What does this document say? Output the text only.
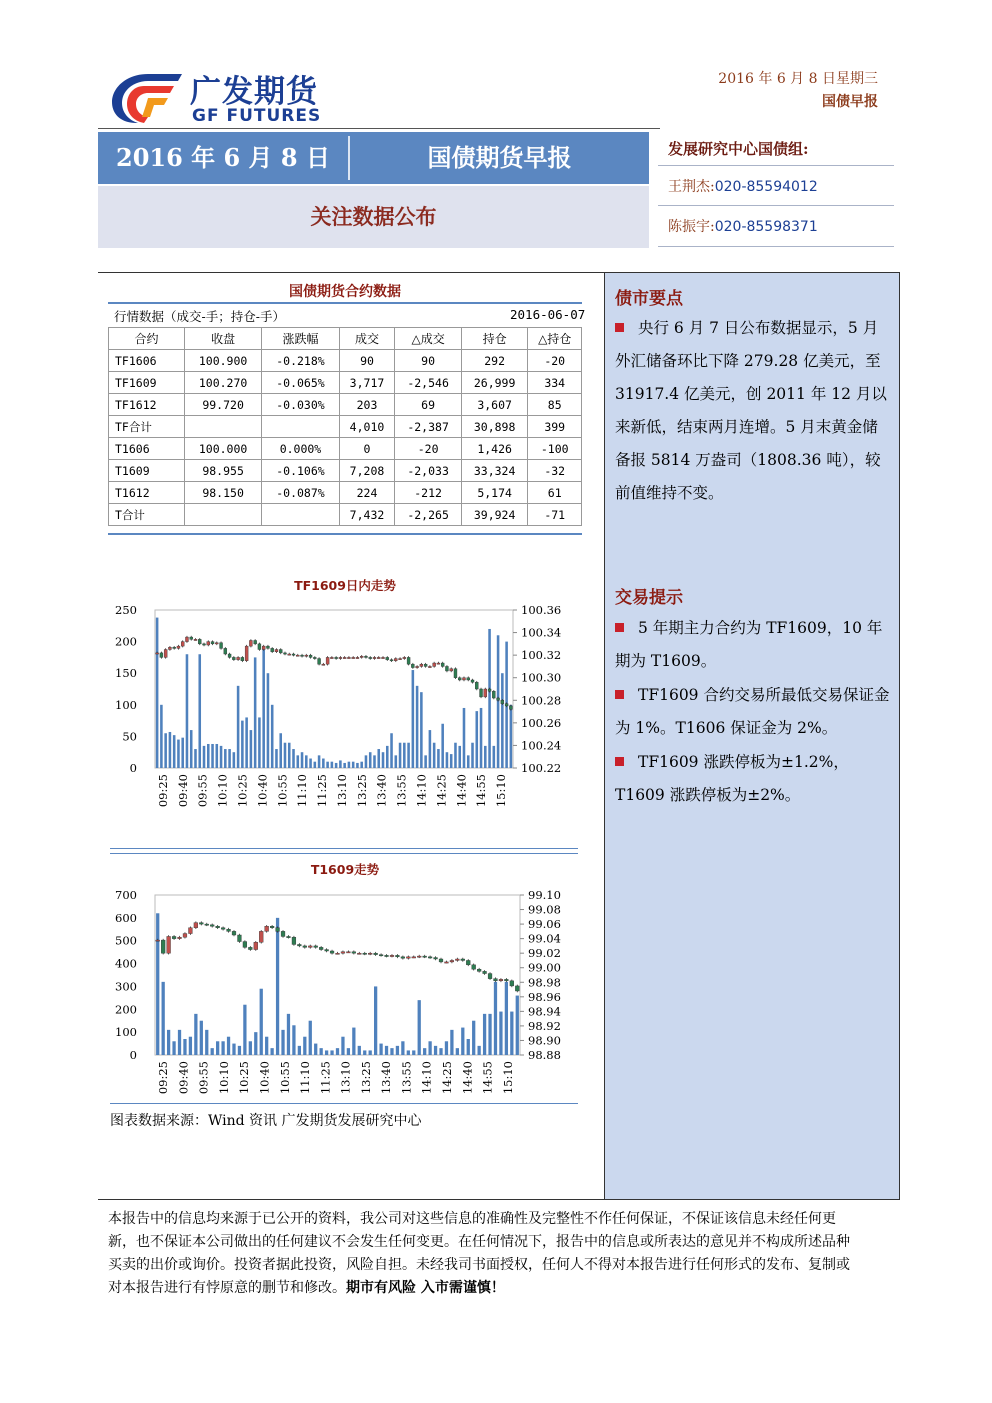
广发期货
GF FUTURES
2016 年 6 月 8 日星期三
国债早报
2016 年 6 月 8 日	国债期货早报
关注数据公布
发展研究中心国债组:
王荆杰:020-85594012
陈振宇:020-85598371
国债期货合约数据
行情数据（成交-手；持仓-手）	2016-06-07
合约	收盘	涨跌幅	成交	△成交	持仓	△持仓
TF1606	100.900	-0.218%	90	90	292	-20
TF1609	100.270	-0.065%	3,717	-2,546	26,999	334
TF1612	99.720	-0.030%	203	69	3,607	85
TF合计			4,010	-2,387	30,898	399
T1606	100.000	0.000%	0	-20	1,426	-100
T1609	98.955	-0.106%	7,208	-2,033	33,324	-32
T1612	98.150	-0.087%	224	-212	5,174	61
T合计			7,432	-2,265	39,924	-71
TF1609日内走势
250
200
150
100
50
0
100.36
100.34
100.32
100.30
100.28
100.26
100.24
100.22
09:25 09:40 09:55 10:10 10:25 10:40 10:55 11:10 11:25 13:10 13:25 13:40 13:55 14:10 14:25 14:40 14:55 15:10
T1609走势
700
600
500
400
300
200
100
0
99.10
99.08
99.06
99.04
99.02
99.00
98.98
98.96
98.94
98.92
98.90
98.88
09:25 09:40 09:55 10:10 10:25 10:40 10:55 11:10 11:25 13:10 13:25 13:40 13:55 14:10 14:25 14:40 14:55 15:10
图表数据来源：Wind 资讯 广发期货发展研究中心
债市要点
央行 6 月 7 日公布数据显示，5 月外汇储备环比下降 279.28 亿美元，至 31917.4 亿美元，创 2011 年 12 月以来新低，结束两月连增。5 月末黄金储备报 5814 万盎司（1808.36 吨），较前值维持不变。
交易提示
5 年期主力合约为 TF1609，10 年期为 T1609。
TF1609 合约交易所最低交易保证金为 1%。T1606 保证金为 2%。
TF1609 涨跌停板为±1.2%，T1609 涨跌停板为±2%。
本报告中的信息均来源于已公开的资料，我公司对这些信息的准确性及完整性不作任何保证，不保证该信息未经任何更新，也不保证本公司做出的任何建议不会发生任何变更。在任何情况下，报告中的信息或所表达的意见并不构成所述品种买卖的出价或询价。投资者据此投资，风险自担。未经我司书面授权，任何人不得对本报告进行任何形式的发布、复制或对本报告进行有悖原意的删节和修改。期市有风险 入市需谨慎！
